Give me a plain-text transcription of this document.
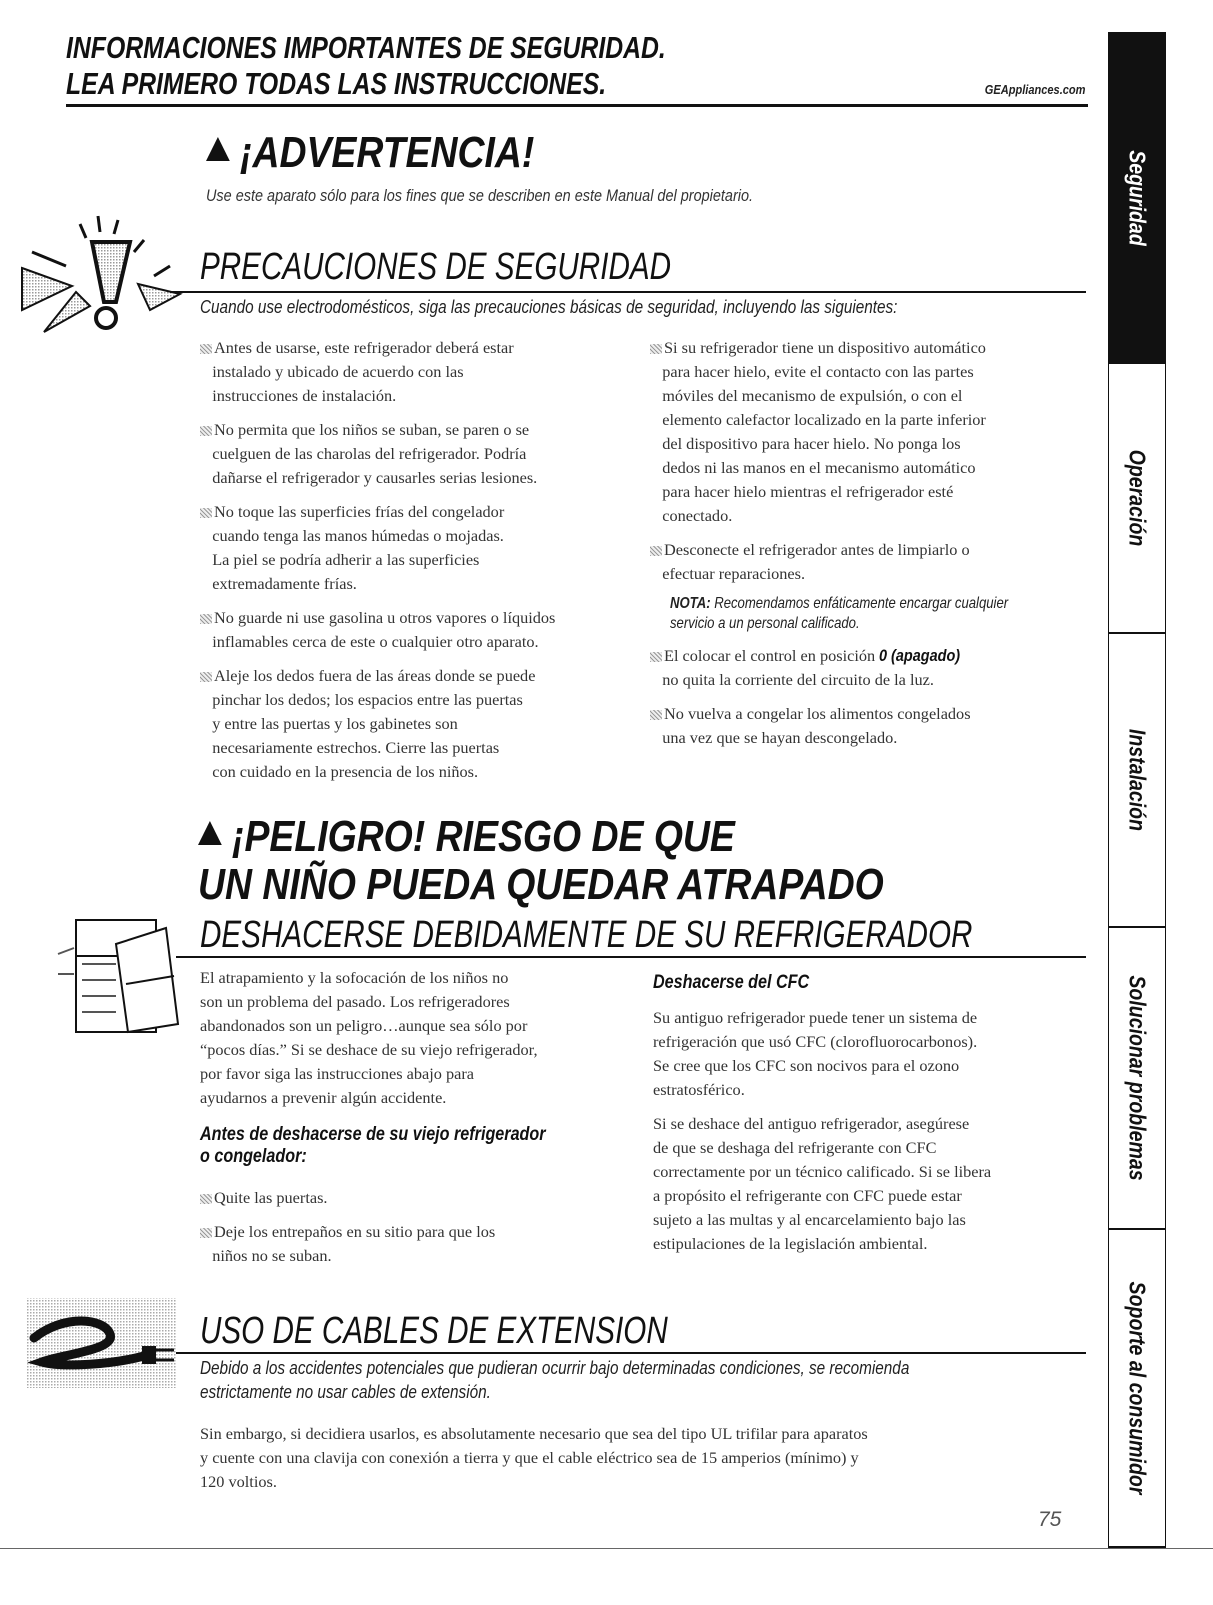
INFORMACIONES IMPORTANTES DE SEGURIDAD.
LEA PRIMERO TODAS LAS INSTRUCCIONES.	GEAppliances.com
¡ADVERTENCIA!
Use este aparato sólo para los fines que se describen en este Manual del propietario.
PRECAUCIONES DE SEGURIDAD
Cuando use electrodomésticos, siga las precauciones básicas de seguridad, incluyendo las siguientes:
Antes de usarse, este refrigerador deberá estar
instalado y ubicado de acuerdo con las
instrucciones de instalación.
No permita que los niños se suban, se paren o se
cuelguen de las charolas del refrigerador. Podría
dañarse el refrigerador y causarles serias lesiones.
No toque las superficies frías del congelador
cuando tenga las manos húmedas o mojadas.
La piel se podría adherir a las superficies
extremadamente frías.
No guarde ni use gasolina u otros vapores o líquidos
inflamables cerca de este o cualquier otro aparato.
Aleje los dedos fuera de las áreas donde se puede
pinchar los dedos; los espacios entre las puertas
y entre las puertas y los gabinetes son
necesariamente estrechos. Cierre las puertas
con cuidado en la presencia de los niños.
Si su refrigerador tiene un dispositivo automático
para hacer hielo, evite el contacto con las partes
móviles del mecanismo de expulsión, o con el
elemento calefactor localizado en la parte inferior
del dispositivo para hacer hielo. No ponga los
dedos ni las manos en el mecanismo automático
para hacer hielo mientras el refrigerador esté
conectado.
Desconecte el refrigerador antes de limpiarlo o
efectuar reparaciones.
NOTA: Recomendamos enfáticamente encargar cualquier
servicio a un personal calificado.
El colocar el control en posición 0 (apagado)
no quita la corriente del circuito de la luz.
No vuelva a congelar los alimentos congelados
una vez que se hayan descongelado.
¡PELIGRO! RIESGO DE QUE
UN NIÑO PUEDA QUEDAR ATRAPADO
DESHACERSE DEBIDAMENTE DE SU REFRIGERADOR
El atrapamiento y la sofocación de los niños no
son un problema del pasado. Los refrigeradores
abandonados son un peligro…aunque sea sólo por
“pocos días.” Si se deshace de su viejo refrigerador,
por favor siga las instrucciones abajo para
ayudarnos a prevenir algún accidente.
Antes de deshacerse de su viejo refrigerador
o congelador:
Quite las puertas.
Deje los entrepaños en su sitio para que los
niños no se suban.
Deshacerse del CFC
Su antiguo refrigerador puede tener un sistema de
refrigeración que usó CFC (clorofluorocarbonos).
Se cree que los CFC son nocivos para el ozono
estratosférico.
Si se deshace del antiguo refrigerador, asegúrese
de que se deshaga del refrigerante con CFC
correctamente por un técnico calificado. Si se libera
a propósito el refrigerante con CFC puede estar
sujeto a las multas y al encarcelamiento bajo las
estipulaciones de la legislación ambiental.
USO DE CABLES DE EXTENSION
Debido a los accidentes potenciales que pudieran ocurrir bajo determinadas condiciones, se recomienda
estrictamente no usar cables de extensión.
Sin embargo, si decidiera usarlos, es absolutamente necesario que sea del tipo UL trifilar para aparatos
y cuente con una clavija con conexión a tierra y que el cable eléctrico sea de 15 amperios (mínimo) y
120 voltios.
Seguridad
Operación
Instalación
Solucionar problemas
Soporte al consumidor
75
